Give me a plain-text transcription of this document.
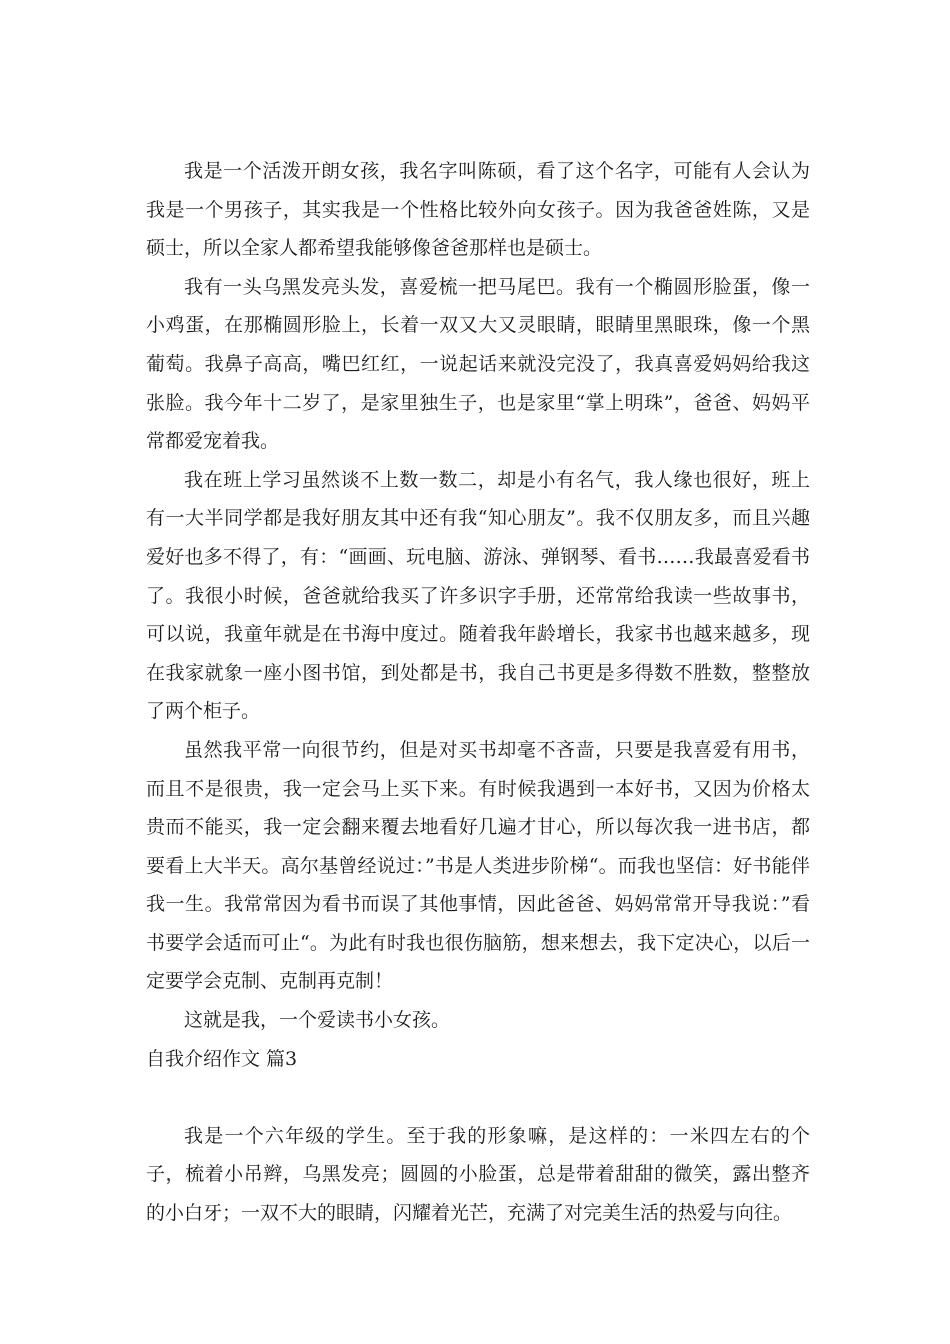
我是一个活泼开朗女孩，我名字叫陈硕，看了这个名字，可能有人会认为我是一个男孩子，其实我是一个性格比较外向女孩子。因为我爸爸姓陈，又是硕士，所以全家人都希望我能够像爸爸那样也是硕士。

我有一头乌黑发亮头发，喜爱梳一把马尾巴。我有一个椭圆形脸蛋，像一小鸡蛋，在那椭圆形脸上，长着一双又大又灵眼睛，眼睛里黑眼珠，像一个黑葡萄。我鼻子高高，嘴巴红红，一说起话来就没完没了，我真喜爱妈妈给我这张脸。我今年十二岁了，是家里独生子，也是家里“掌上明珠”，爸爸、妈妈平常都爱宠着我。

我在班上学习虽然谈不上数一数二，却是小有名气，我人缘也很好，班上有一大半同学都是我好朋友其中还有我“知心朋友”。我不仅朋友多，而且兴趣爱好也多不得了，有：“画画、玩电脑、游泳、弹钢琴、看书……我最喜爱看书了。我很小时候，爸爸就给我买了许多识字手册，还常常给我读一些故事书，可以说，我童年就是在书海中度过。随着我年龄增长，我家书也越来越多，现在我家就象一座小图书馆，到处都是书，我自己书更是多得数不胜数，整整放了两个柜子。

虽然我平常一向很节约，但是对买书却毫不吝啬，只要是我喜爱有用书，而且不是很贵，我一定会马上买下来。有时候我遇到一本好书，又因为价格太贵而不能买，我一定会翻来覆去地看好几遍才甘心，所以每次我一进书店，都要看上大半天。高尔基曾经说过：”书是人类进步阶梯“。而我也坚信：好书能伴我一生。我常常因为看书而误了其他事情，因此爸爸、妈妈常常开导我说：”看书要学会适而可止“。为此有时我也很伤脑筋，想来想去，我下定决心，以后一定要学会克制、克制再克制！

这就是我，一个爱读书小女孩。

自我介绍作文 篇3

我是一个六年级的学生。至于我的形象嘛，是这样的：一米四左右的个子，梳着小吊辫，乌黑发亮；圆圆的小脸蛋，总是带着甜甜的微笑，露出整齐的小白牙；一双不大的眼睛，闪耀着光芒，充满了对完美生活的热爱与向往。
